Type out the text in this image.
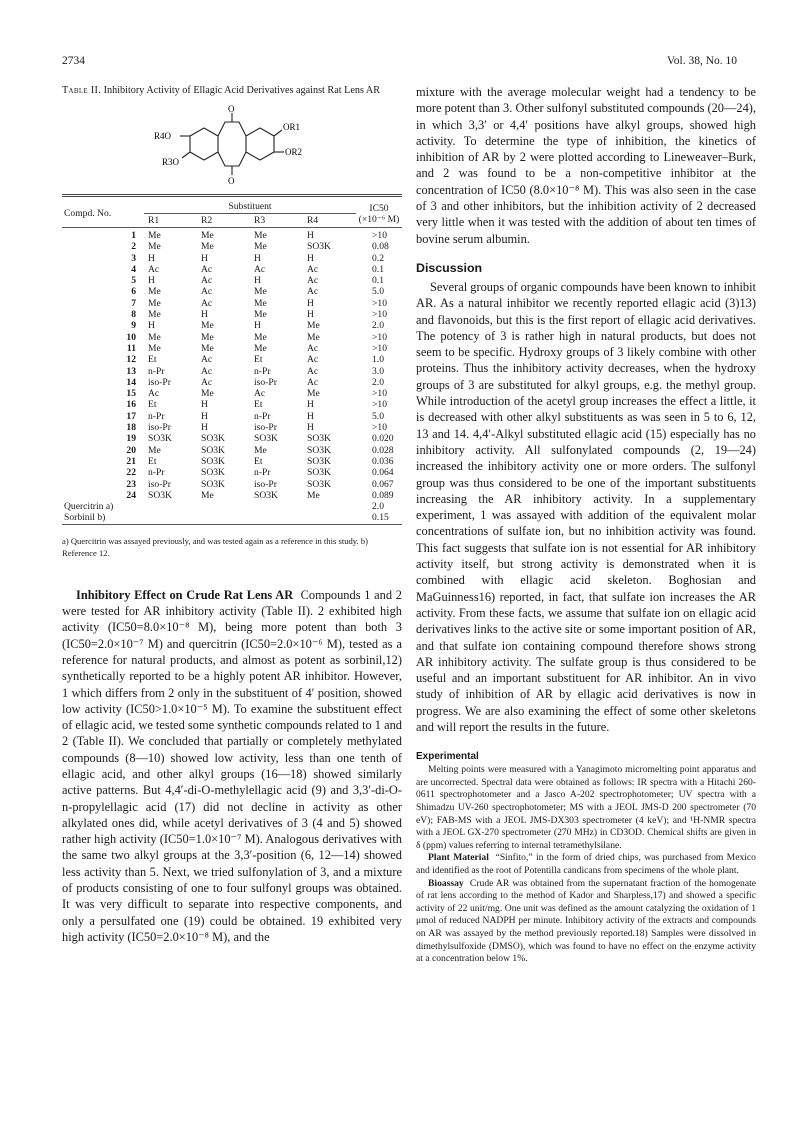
2734	Vol. 38, No. 10
Table II. Inhibitory Activity of Ellagic Acid Derivatives against Rat Lens AR
O
O
OR1
OR2
R4O
R3O

Compd. No.	Substituent				IC50
(×10⁻⁶ M)

	R1	R2	R3	R4	

1	Me	Me	Me	H	>10
2	Me	Me	Me	SO3K	0.08
3	H	H	H	H	0.2
4	Ac	Ac	Ac	Ac	0.1
5	H	Ac	H	Ac	0.1
6	Me	Ac	Me	Ac	5.0
7	Me	Ac	Me	H	>10
8	Me	H	Me	H	>10
9	H	Me	H	Me	2.0
10	Me	Me	Me	Me	>10
11	Me	Me	Me	Ac	>10
12	Et	Ac	Et	Ac	1.0
13	n-Pr	Ac	n-Pr	Ac	3.0
14	iso-Pr	Ac	iso-Pr	Ac	2.0
15	Ac	Me	Ac	Me	>10
16	Et	H	Et	H	>10
17	n-Pr	H	n-Pr	H	5.0
18	iso-Pr	H	iso-Pr	H	>10
19	SO3K	SO3K	SO3K	SO3K	0.020
20	Me	SO3K	Me	SO3K	0.028
21	Et	SO3K	Et	SO3K	0.036
22	n-Pr	SO3K	n-Pr	SO3K	0.064
23	iso-Pr	SO3K	iso-Pr	SO3K	0.067
24	SO3K	Me	SO3K	Me	0.089
Quercitrin a)					2.0
Sorbinil b)					0.15

a) Quercitrin was assayed previously, and was tested again as a reference in this study. b) Reference 12.

Inhibitory Effect on Crude Rat Lens AR Compounds 1 and 2 were tested for AR inhibitory activity (Table II). 2 exhibited high activity (IC50=8.0×10⁻⁸ M), being more potent than both 3 (IC50=2.0×10⁻⁷ M) and quercitrin (IC50=2.0×10⁻⁶ M), tested as a reference for natural products, and almost as potent as sorbinil,12) synthetically reported to be a highly potent AR inhibitor. However, 1 which differs from 2 only in the substituent of 4′ position, showed low activity (IC50>1.0×10⁻⁵ M). To examine the substituent effect of ellagic acid, we tested some synthetic compounds related to 1 and 2 (Table II). We concluded that partially or completely methylated compounds (8—10) showed low activity, less than one tenth of ellagic acid, and other alkyl groups (16—18) showed similarly active patterns. But 4,4′-di-O-methylellagic acid (9) and 3,3′-di-O-n-propylellagic acid (17) did not decline in activity as other alkylated ones did, while acetyl derivatives of 3 (4 and 5) showed rather high activity (IC50=1.0×10⁻⁷ M). Analogous derivatives with the same two alkyl groups at the 3,3′-position (6, 12—14) showed less activity than 5. Next, we tried sulfonylation of 3, and a mixture of products consisting of one to four sulfonyl groups was obtained. It was very difficult to separate into respective components, and only a persulfated one (19) could be obtained. 19 exhibited very high activity (IC50=2.0×10⁻⁸ M), and the

mixture with the average molecular weight had a tendency to be more potent than 3. Other sulfonyl substituted compounds (20—24), in which 3,3′ or 4,4′ positions have alkyl groups, showed high activity. To determine the type of inhibition, the kinetics of inhibition of AR by 2 were plotted according to Lineweaver–Burk, and 2 was found to be a non-competitive inhibitor at the concentration of IC50 (8.0×10⁻⁸ M). This was also seen in the case of 3 and other inhibitors, but the inhibition activity of 2 decreased very little when it was tested with the addition of about ten times of bovine serum albumin.

Discussion

Several groups of organic compounds have been known to inhibit AR. As a natural inhibitor we recently reported ellagic acid (3)13) and flavonoids, but this is the first report of ellagic acid derivatives. The potency of 3 is rather high in natural products, but does not seem to be specific. Hydroxy groups of 3 likely combine with other proteins. Thus the inhibitory activity decreases, when the hydroxy groups of 3 are substituted for alkyl groups, e.g. the methyl group. While introduction of the acetyl group increases the effect a little, it is decreased with other alkyl substituents as was seen in 5 to 6, 12, 13 and 14. 4,4′-Alkyl substituted ellagic acid (15) especially has no inhibitory activity. All sulfonylated compounds (2, 19—24) increased the inhibitory activity one or more orders. The sulfonyl group was thus considered to be one of the important substituents increasing the AR inhibitory activity. In a supplementary experiment, 1 was assayed with addition of the equivalent molar concentrations of sulfate ion, but no inhibition activity was found. This fact suggests that sulfate ion is not essential for AR inhibitory activity itself, but strong activity is demonstrated when it is combined with ellagic acid skeleton. Boghosian and MaGuinness16) reported, in fact, that sulfate ion increases the AR activity. From these facts, we assume that sulfate ion on ellagic acid derivatives links to the active site or some important position of AR, and that sulfate ion containing compound therefore shows strong AR inhibitory activity. The sulfate group is thus considered to be useful and an important substituent for AR inhibitor. An in vivo study of inhibition of AR by ellagic acid derivatives is now in progress. We are also examining the effect of some other skeletons and will report the results in the future.

Experimental

Melting points were measured with a Yanagimoto micromelting point apparatus and are uncorrected. Spectral data were obtained as follows: IR spectra with a Hitachi 260-0611 spectrophotometer and a Jasco A-202 spectrophotometer; UV spectra with a Shimadzu UV-260 spectrophotometer; MS with a JEOL JMS-D 200 spectrometer (70 eV); FAB-MS with a JEOL JMS-DX303 spectrometer (4 keV); and ¹H-NMR spectra with a JEOL GX-270 spectrometer (270 MHz) in CD3OD. Chemical shifts are given in δ (ppm) values referring to internal tetramethylsilane.

Plant Material “Sinfito,” in the form of dried chips, was purchased from Mexico and identified as the root of Potentilla candicans from specimens of the whole plant.

Bioassay Crude AR was obtained from the supernatant fraction of the homogenate of rat lens according to the method of Kador and Sharpless,17) and showed a specific activity of 22 unit/mg. One unit was defined as the amount catalyzing the oxidation of 1 μmol of reduced NADPH per minute. Inhibitory activity of the extracts and compounds on AR was assayed by the method previously reported.18) Samples were dissolved in dimethylsulfoxide (DMSO), which was found to have no effect on the enzyme activity at a concentration below 1%.
